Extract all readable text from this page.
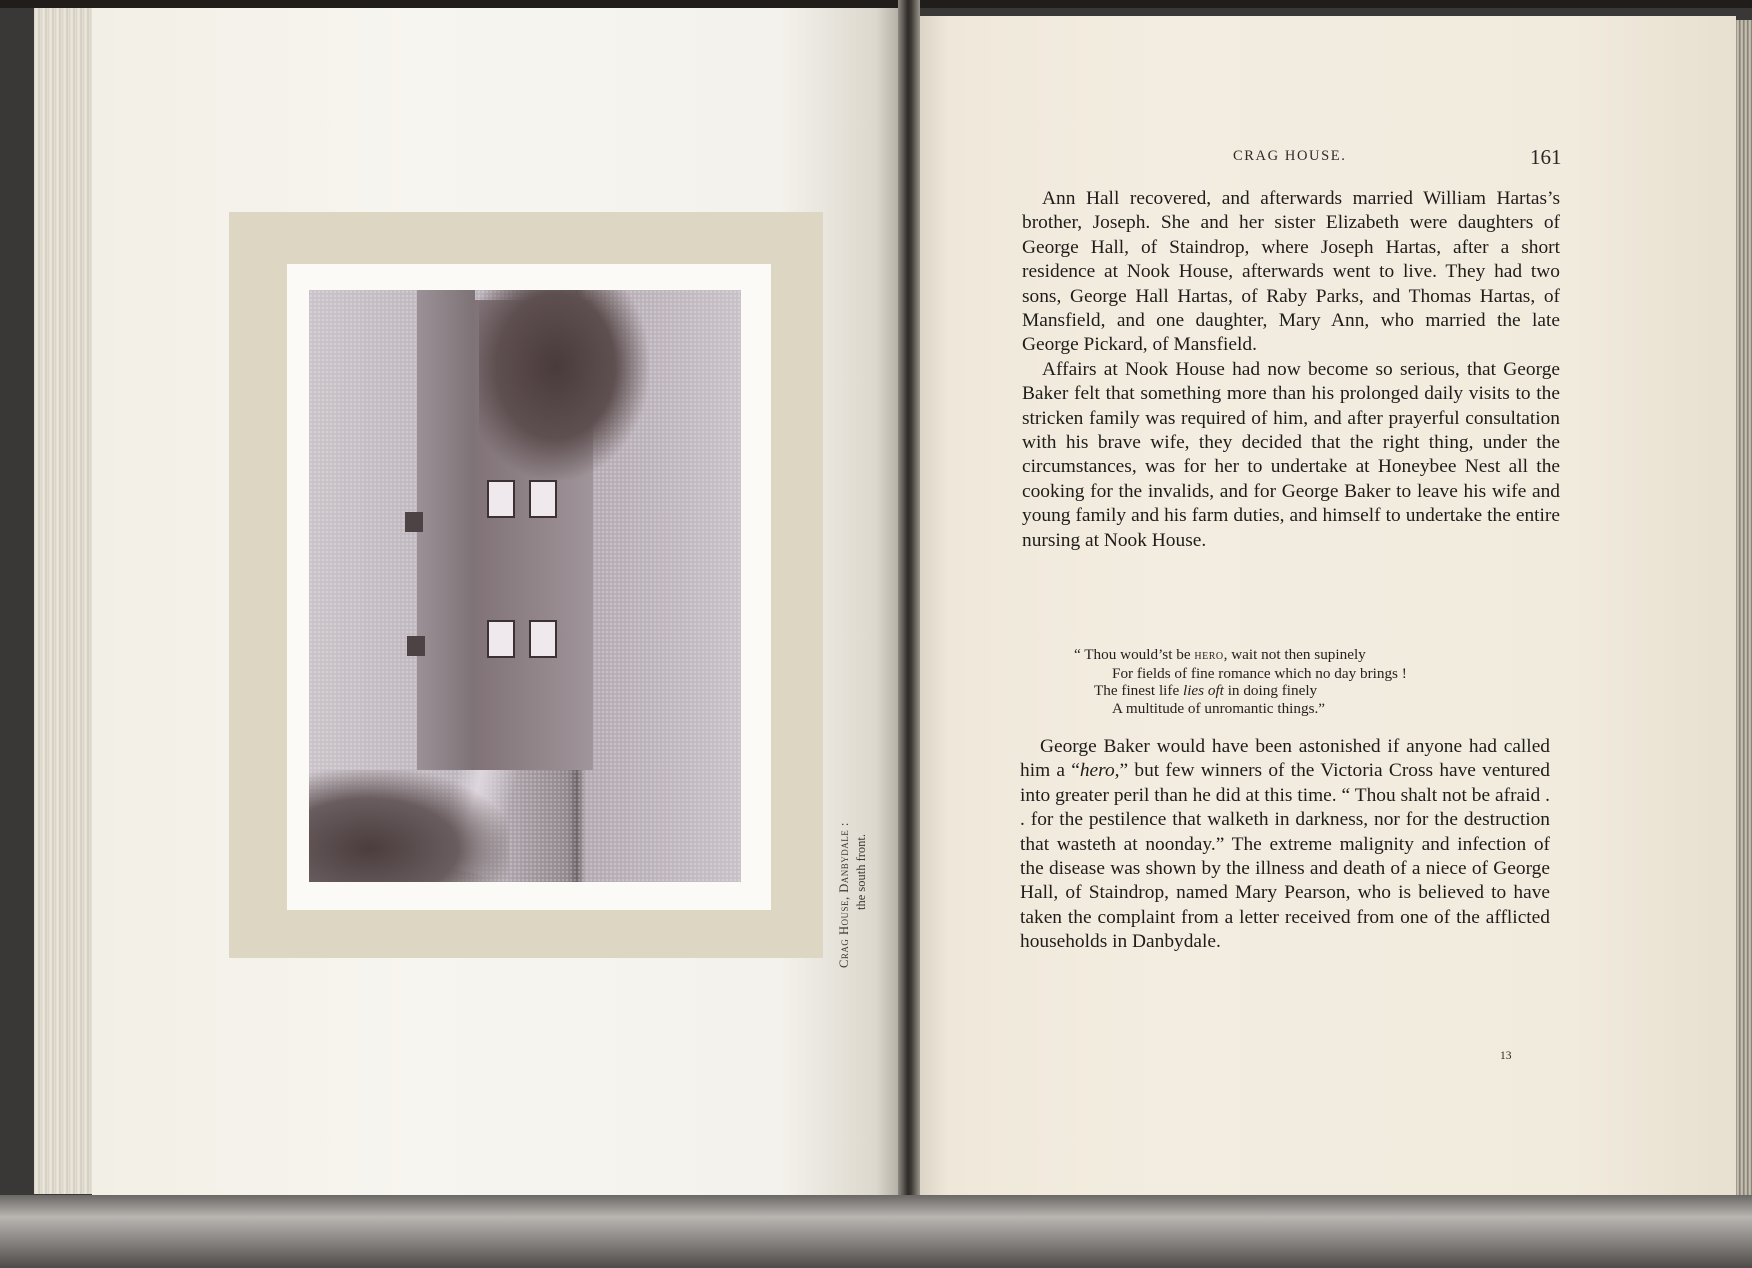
Crag House, Danbydale : the south front.
CRAG HOUSE.	161

Ann Hall recovered, and afterwards married William Hartas’s brother, Joseph. She and her sister Elizabeth were daughters of George Hall, of Staindrop, where Joseph Hartas, after a short residence at Nook House, afterwards went to live. They had two sons, George Hall Hartas, of Raby Parks, and Thomas Hartas, of Mansfield, and one daughter, Mary Ann, who married the late George Pickard, of Mansfield.

Affairs at Nook House had now become so serious, that George Baker felt that something more than his prolonged daily visits to the stricken family was required of him, and after prayerful consultation with his brave wife, they decided that the right thing, under the circumstances, was for her to undertake at Honeybee Nest all the cooking for the invalids, and for George Baker to leave his wife and young family and his farm duties, and himself to undertake the entire nursing at Nook House.

“ Thou would’st be hero, wait not then supinely
For fields of fine romance which no day brings !
The finest life lies oft in doing finely
A multitude of unromantic things.”

George Baker would have been astonished if anyone had called him a “hero,” but few winners of the Victoria Cross have ventured into greater peril than he did at this time. “ Thou shalt not be afraid . . for the pestilence that walketh in darkness, nor for the destruction that wasteth at noonday.” The extreme malignity and infection of the disease was shown by the illness and death of a niece of George Hall, of Staindrop, named Mary Pearson, who is believed to have taken the complaint from a letter received from one of the afflicted households in Danbydale.

13
